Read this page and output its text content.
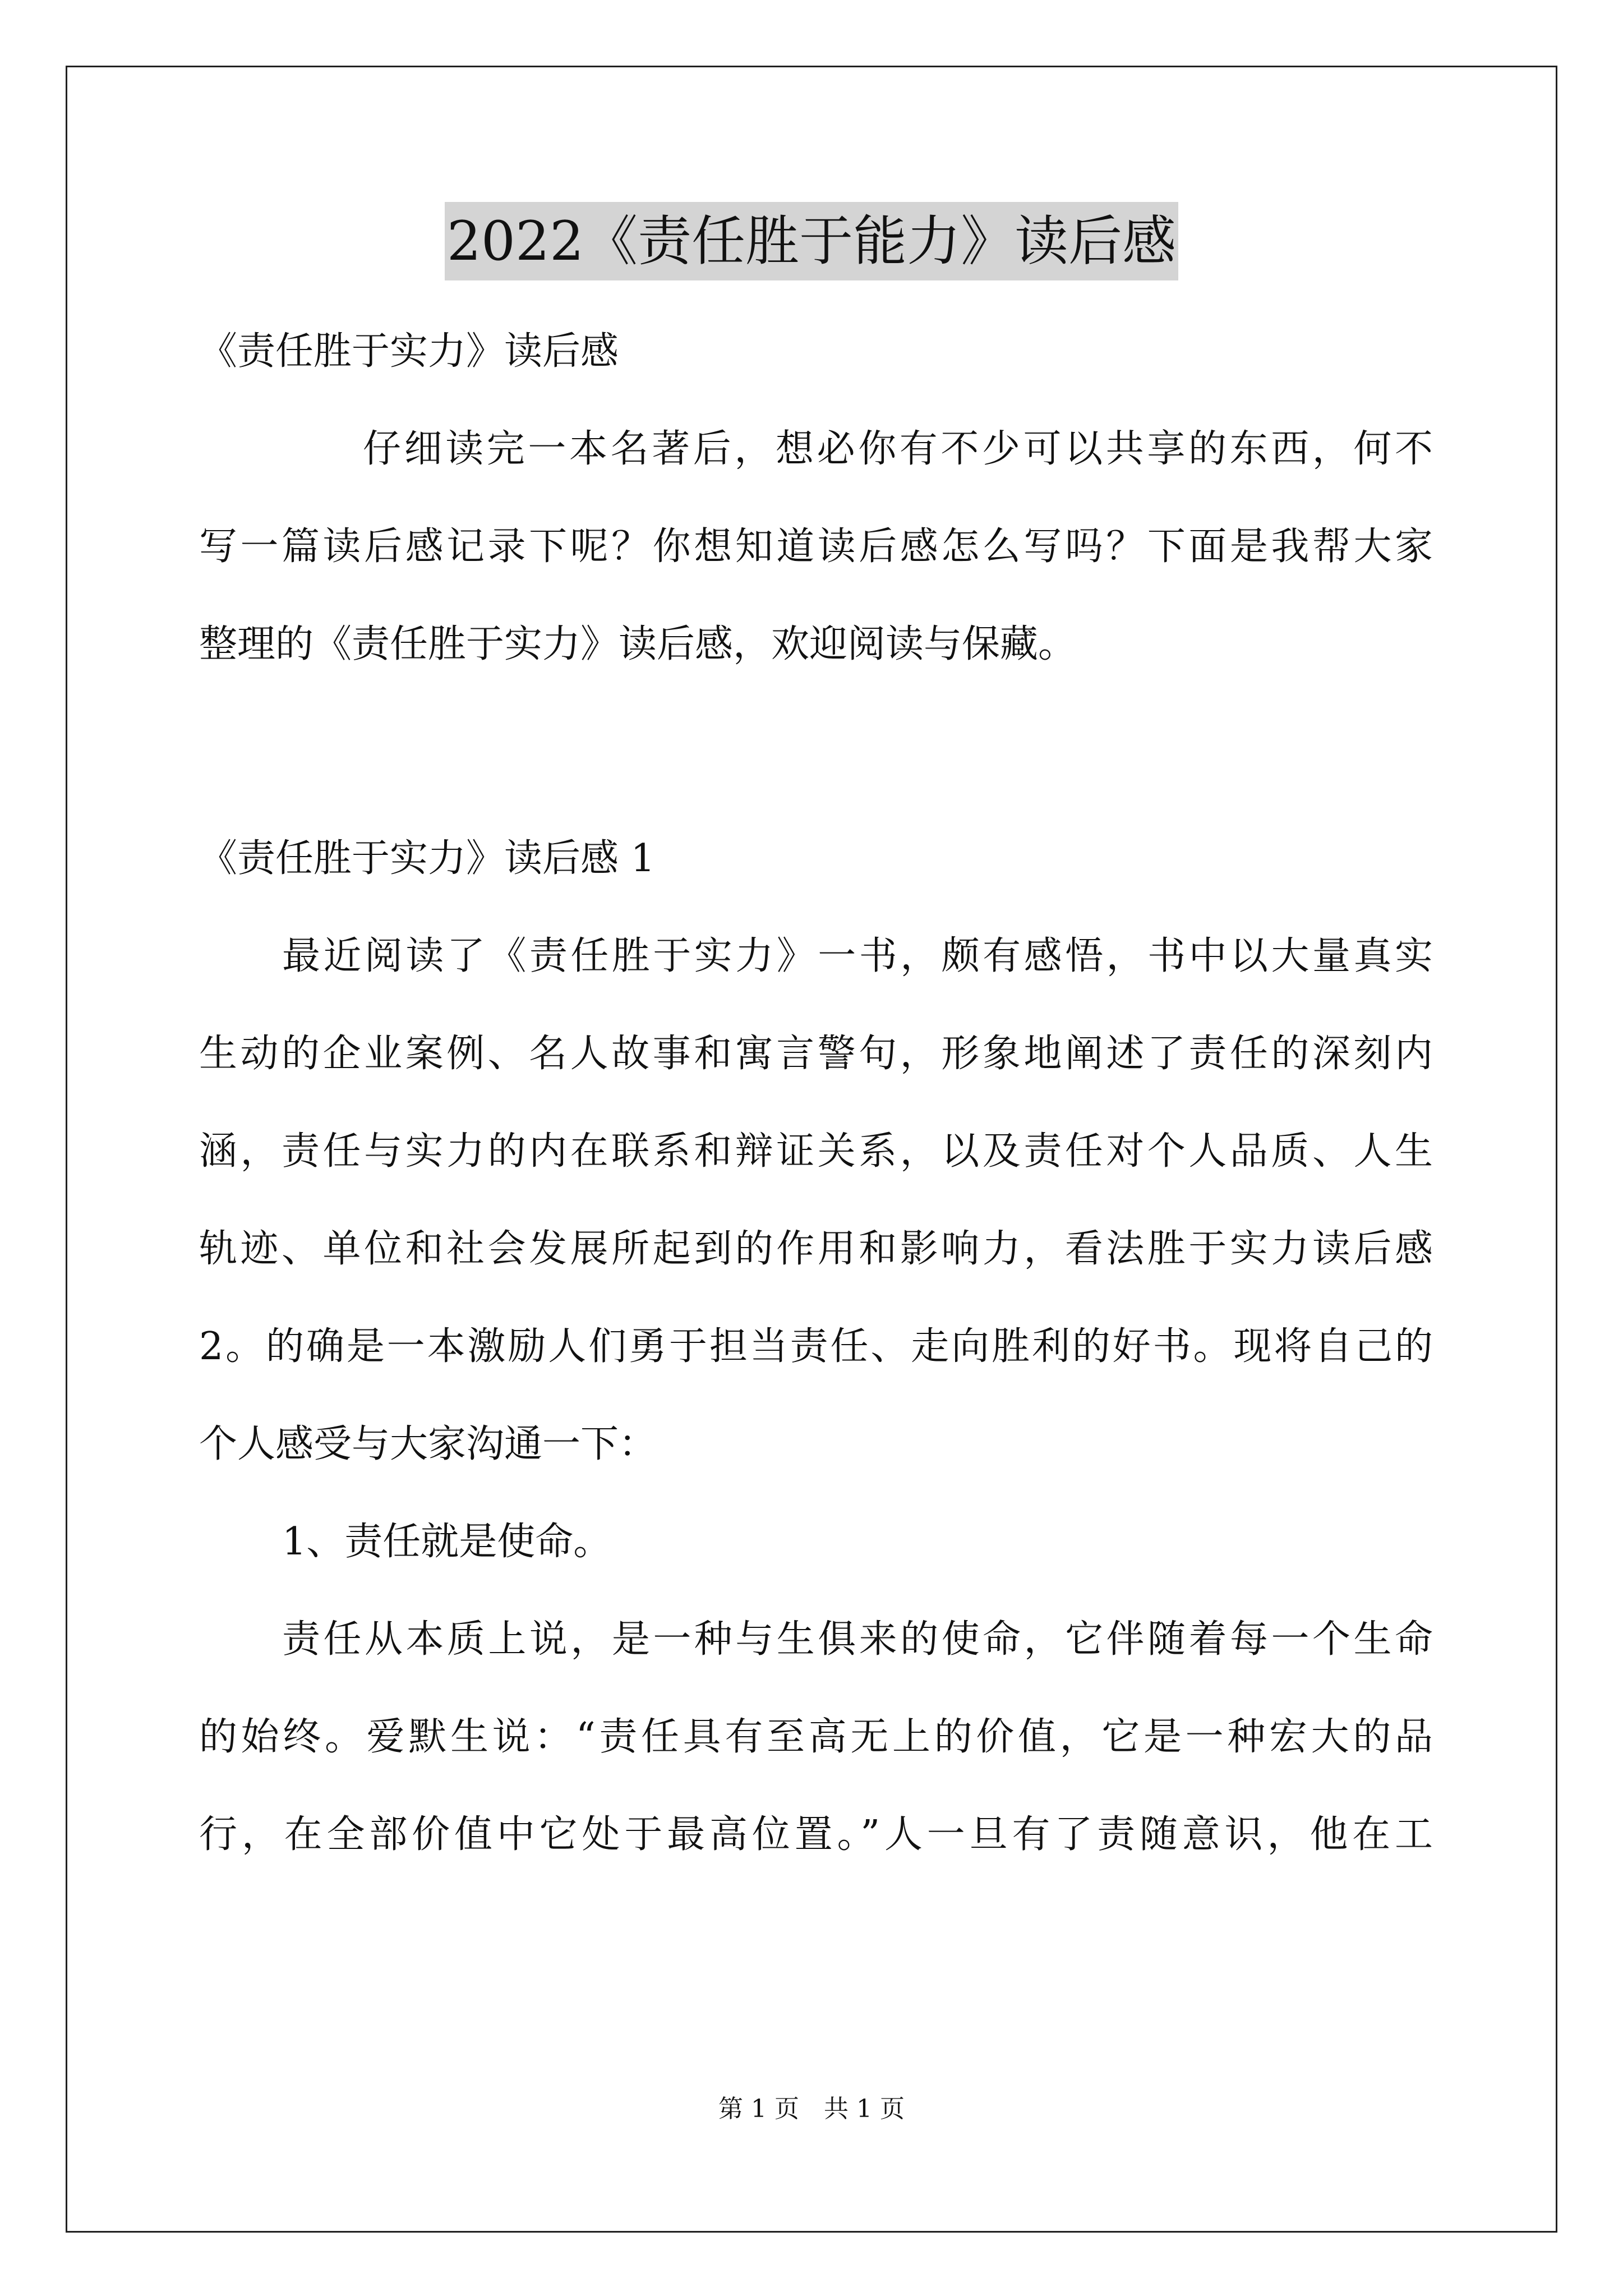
2022《责任胜于能力》读后感
《责任胜于实力》读后感
仔细读完一本名著后，想必你有不少可以共享的东西，何不
写一篇读后感记录下呢？你想知道读后感怎么写吗？下面是我帮大家
整理的《责任胜于实力》读后感，欢迎阅读与保藏。
《责任胜于实力》读后感 1
最近阅读了《责任胜于实力》一书，颇有感悟，书中以大量真实
生动的企业案例、名人故事和寓言警句，形象地阐述了责任的深刻内
涵，责任与实力的内在联系和辩证关系，以及责任对个人品质、人生
轨迹、单位和社会发展所起到的作用和影响力，看法胜于实力读后感
2。的确是一本激励人们勇于担当责任、走向胜利的好书。现将自己的
个人感受与大家沟通一下：
1、责任就是使命。
责任从本质上说，是一种与生俱来的使命，它伴随着每一个生命
的始终。爱默生说：“责任具有至高无上的价值，它是一种宏大的品
行，在全部价值中它处于最高位置。”人一旦有了责随意识，他在工
第 1 页　共 1 页
